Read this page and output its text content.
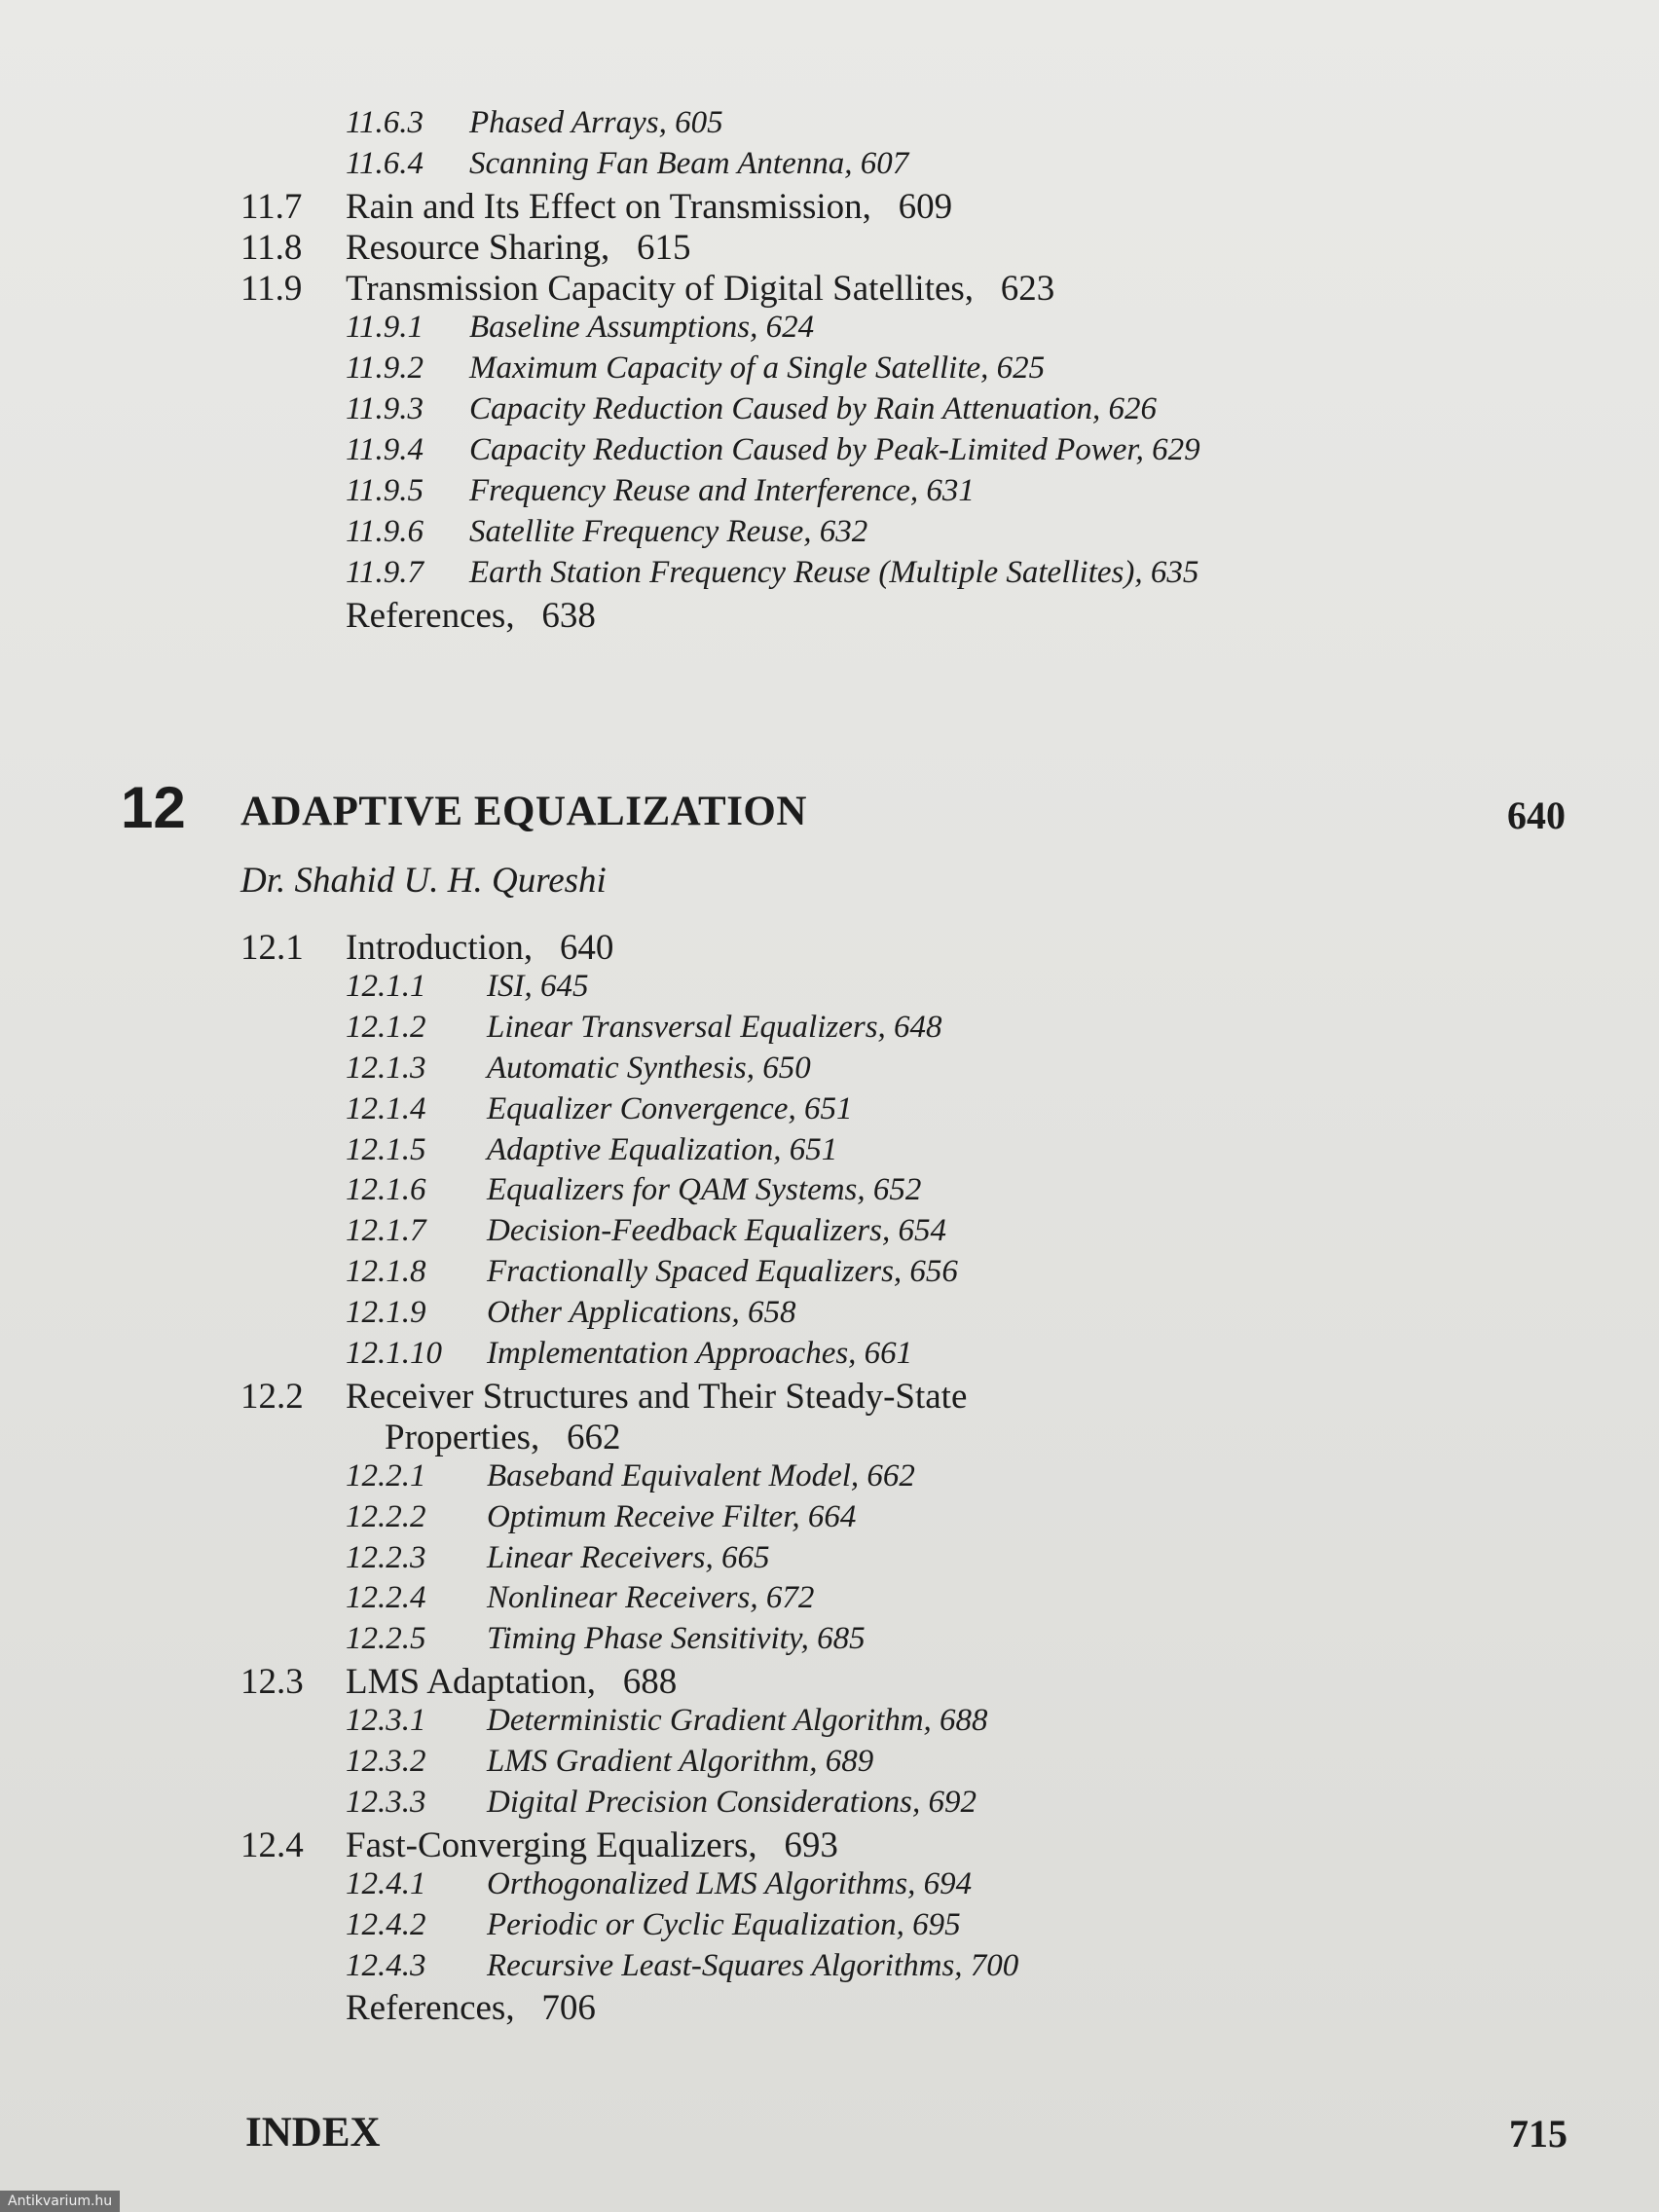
11.6.3 Phased Arrays, 605
11.6.4 Scanning Fan Beam Antenna, 607
11.7 Rain and Its Effect on Transmission,   609
11.8 Resource Sharing,   615
11.9 Transmission Capacity of Digital Satellites,   623
11.9.1 Baseline Assumptions, 624
11.9.2 Maximum Capacity of a Single Satellite, 625
11.9.3 Capacity Reduction Caused by Rain Attenuation, 626
11.9.4 Capacity Reduction Caused by Peak-Limited Power, 629
11.9.5 Frequency Reuse and Interference, 631
11.9.6 Satellite Frequency Reuse, 632
11.9.7 Earth Station Frequency Reuse (Multiple Satellites), 635
References,   638
12 ADAPTIVE EQUALIZATION	640
Dr. Shahid U. H. Qureshi
12.1 Introduction,   640
12.1.1 ISI, 645
12.1.2 Linear Transversal Equalizers, 648
12.1.3 Automatic Synthesis, 650
12.1.4 Equalizer Convergence, 651
12.1.5 Adaptive Equalization, 651
12.1.6 Equalizers for QAM Systems, 652
12.1.7 Decision-Feedback Equalizers, 654
12.1.8 Fractionally Spaced Equalizers, 656
12.1.9 Other Applications, 658
12.1.10 Implementation Approaches, 661
12.2 Receiver Structures and Their Steady-State
Properties,   662
12.2.1 Baseband Equivalent Model, 662
12.2.2 Optimum Receive Filter, 664
12.2.3 Linear Receivers, 665
12.2.4 Nonlinear Receivers, 672
12.2.5 Timing Phase Sensitivity, 685
12.3 LMS Adaptation,   688
12.3.1 Deterministic Gradient Algorithm, 688
12.3.2 LMS Gradient Algorithm, 689
12.3.3 Digital Precision Considerations, 692
12.4 Fast-Converging Equalizers,   693
12.4.1 Orthogonalized LMS Algorithms, 694
12.4.2 Periodic or Cyclic Equalization, 695
12.4.3 Recursive Least-Squares Algorithms, 700
References,   706
INDEX	715
Antikvarium.hu
